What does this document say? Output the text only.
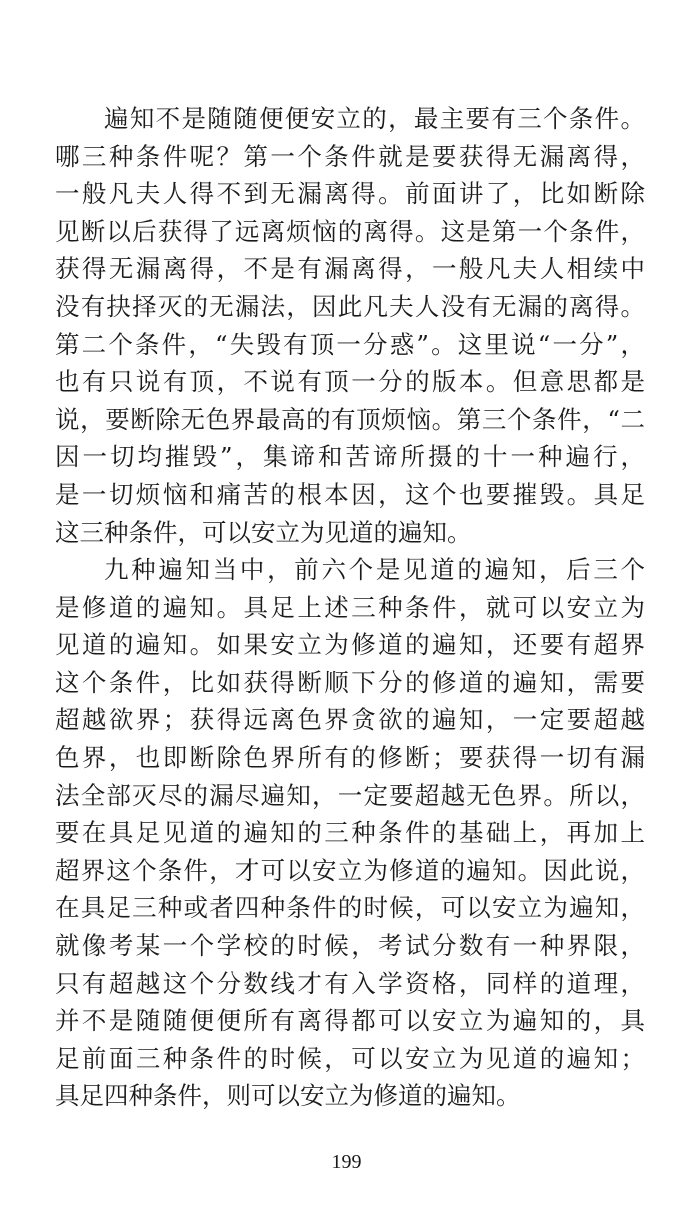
遍知不是随随便便安立的，最主要有三个条件。
哪三种条件呢？第一个条件就是要获得无漏离得，
一般凡夫人得不到无漏离得。前面讲了，比如断除
见断以后获得了远离烦恼的离得。这是第一个条件，
获得无漏离得，不是有漏离得，一般凡夫人相续中
没有抉择灭的无漏法，因此凡夫人没有无漏的离得。
第二个条件，“失毁有顶一分惑”。这里说“一分”，
也有只说有顶，不说有顶一分的版本。但意思都是
说，要断除无色界最高的有顶烦恼。第三个条件，“二
因一切均摧毁”，集谛和苦谛所摄的十一种遍行，
是一切烦恼和痛苦的根本因，这个也要摧毁。具足
这三种条件，可以安立为见道的遍知。
九种遍知当中，前六个是见道的遍知，后三个
是修道的遍知。具足上述三种条件，就可以安立为
见道的遍知。如果安立为修道的遍知，还要有超界
这个条件，比如获得断顺下分的修道的遍知，需要
超越欲界；获得远离色界贪欲的遍知，一定要超越
色界，也即断除色界所有的修断；要获得一切有漏
法全部灭尽的漏尽遍知，一定要超越无色界。所以，
要在具足见道的遍知的三种条件的基础上，再加上
超界这个条件，才可以安立为修道的遍知。因此说，
在具足三种或者四种条件的时候，可以安立为遍知，
就像考某一个学校的时候，考试分数有一种界限，
只有超越这个分数线才有入学资格，同样的道理，
并不是随随便便所有离得都可以安立为遍知的，具
足前面三种条件的时候，可以安立为见道的遍知；
具足四种条件，则可以安立为修道的遍知。
199
